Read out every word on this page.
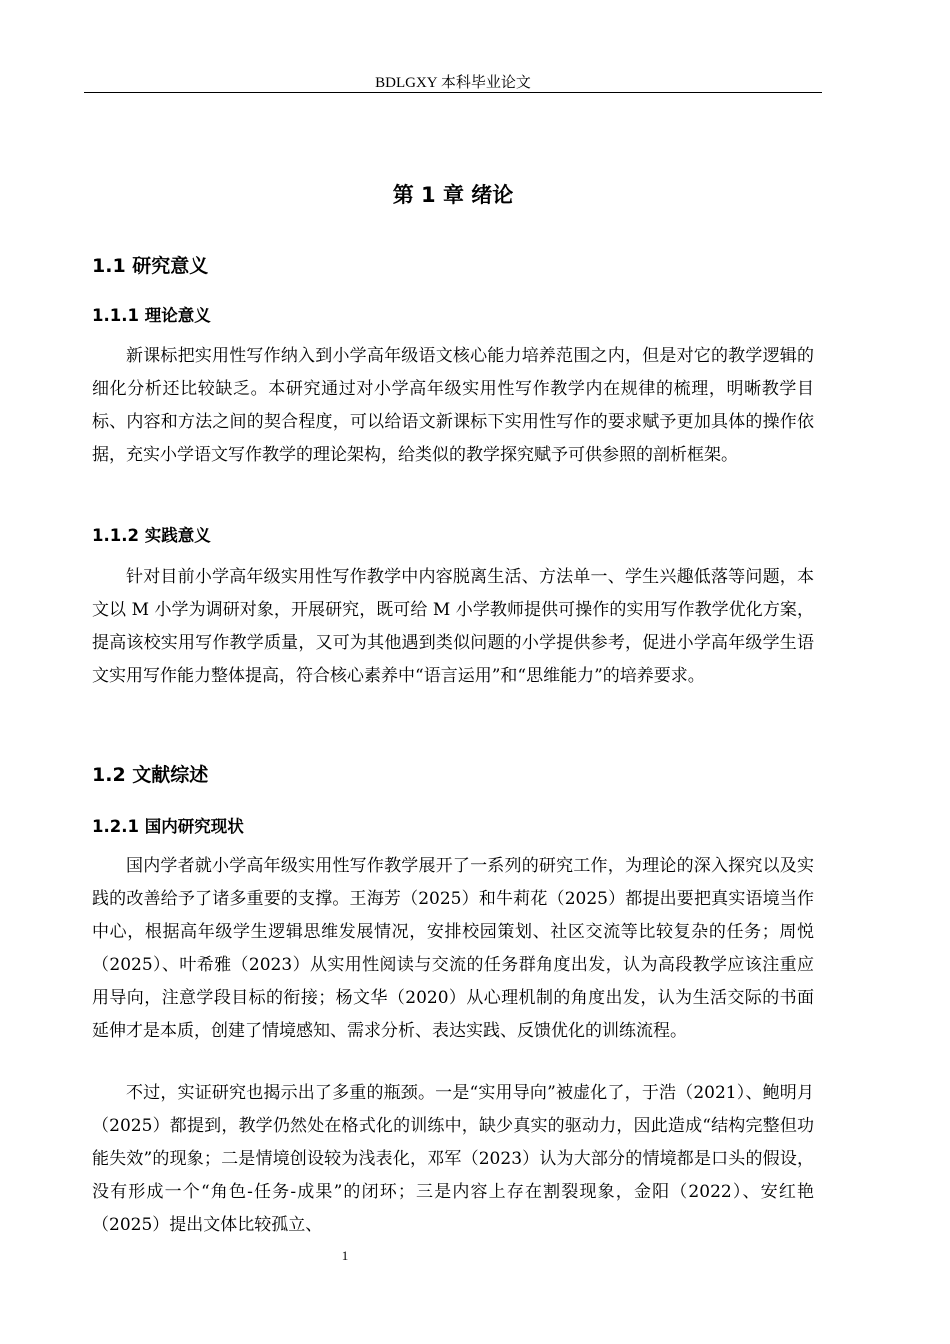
BDLGXY 本科毕业论文
第 1 章 绪论
1.1 研究意义
1.1.1 理论意义

新课标把实用性写作纳入到小学高年级语文核心能力培养范围之内，但是对它的教学逻辑的细化分析还比较缺乏。本研究通过对小学高年级实用性写作教学内在规律的梳理，明晰教学目标、内容和方法之间的契合程度，可以给语文新课标下实用性写作的要求赋予更加具体的操作依据，充实小学语文写作教学的理论架构，给类似的教学探究赋予可供参照的剖析框架。

1.1.2 实践意义

针对目前小学高年级实用性写作教学中内容脱离生活、方法单一、学生兴趣低落等问题，本文以 M 小学为调研对象，开展研究，既可给 M 小学教师提供可操作的实用写作教学优化方案，提高该校实用写作教学质量，又可为其他遇到类似问题的小学提供参考，促进小学高年级学生语文实用写作能力整体提高，符合核心素养中“语言运用”和“思维能力”的培养要求。

1.2 文献综述
1.2.1 国内研究现状

国内学者就小学高年级实用性写作教学展开了一系列的研究工作，为理论的深入探究以及实践的改善给予了诸多重要的支撑。王海芳（2025）和牛莉花（2025）都提出要把真实语境当作中心，根据高年级学生逻辑思维发展情况，安排校园策划、社区交流等比较复杂的任务；周悦（2025）、叶希雅（2023）从实用性阅读与交流的任务群角度出发，认为高段教学应该注重应用导向，注意学段目标的衔接；杨文华（2020）从心理机制的角度出发，认为生活交际的书面延伸才是本质，创建了情境感知、需求分析、表达实践、反馈优化的训练流程。

不过，实证研究也揭示出了多重的瓶颈。一是“实用导向”被虚化了，于浩（2021）、鲍明月（2025）都提到，教学仍然处在格式化的训练中，缺少真实的驱动力，因此造成“结构完整但功能失效”的现象；二是情境创设较为浅表化，邓军（2023）认为大部分的情境都是口头的假设，没有形成一个“角色-任务-成果”的闭环；三是内容上存在割裂现象，金阳（2022）、安红艳（2025）提出文体比较孤立、

1
